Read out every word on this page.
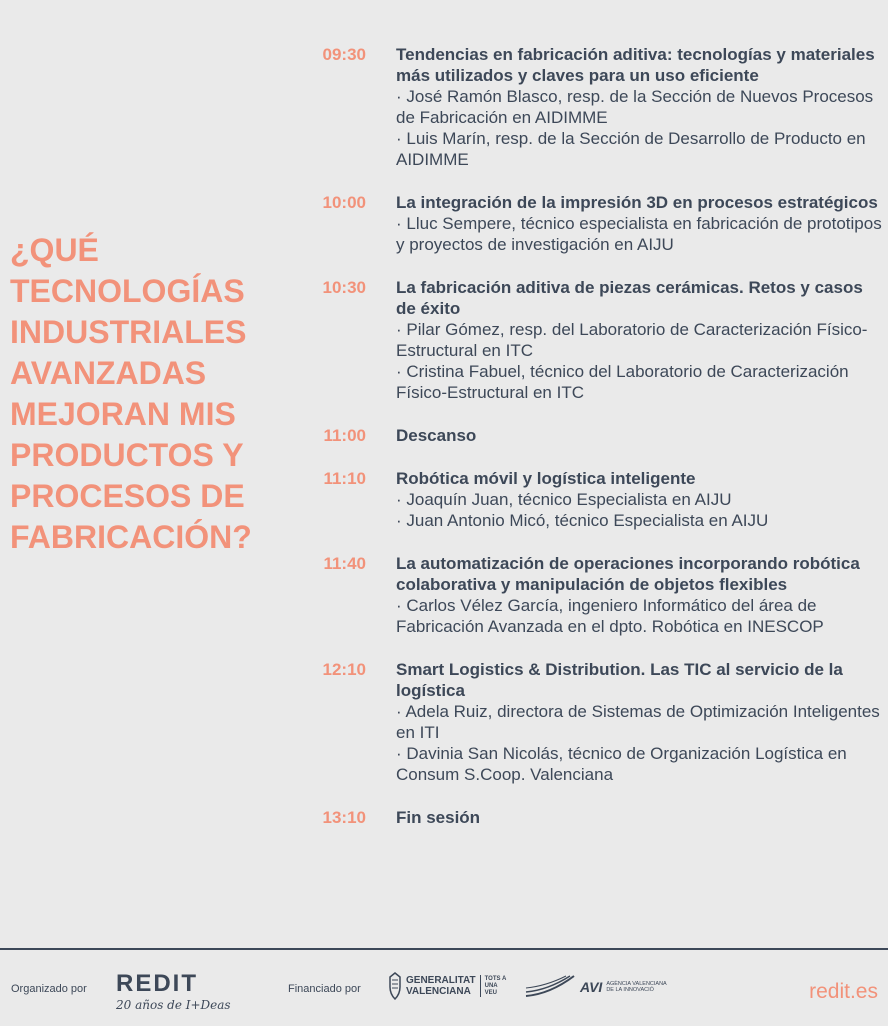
¿QUÉ TECNOLOGÍAS INDUSTRIALES AVANZADAS MEJORAN MIS PRODUCTOS Y PROCESOS DE FABRICACIÓN?
09:30 Tendencias en fabricación aditiva: tecnologías y materiales más utilizados y claves para un uso eficiente

· José Ramón Blasco, resp. de la Sección de Nuevos Procesos de Fabricación en AIDIMME

· Luis Marín, resp. de la Sección de Desarrollo de Producto en AIDIMME

10:00 La integración de la impresión 3D en procesos estratégicos

· Lluc Sempere, técnico especialista en fabricación de prototipos y proyectos de investigación en AIJU

10:30 La fabricación aditiva de piezas cerámicas. Retos y casos de éxito

· Pilar Gómez, resp. del Laboratorio de Caracterización Físico-Estructural en ITC

· Cristina Fabuel, técnico del Laboratorio de Caracterización Físico-Estructural en ITC

11:00 Descanso

11:10 Robótica móvil y logística inteligente

· Joaquín Juan, técnico Especialista en AIJU

· Juan Antonio Micó, técnico Especialista en AIJU

11:40 La automatización de operaciones incorporando robótica colaborativa y manipulación de objetos flexibles

· Carlos Vélez García, ingeniero Informático del área de Fabricación Avanzada en el dpto. Robótica en INESCOP

12:10 Smart Logistics & Distribution. Las TIC al servicio de la logística

· Adela Ruiz, directora de Sistemas de Optimización Inteligentes en ITI

· Davinia San Nicolás, técnico de Organización Logística en Consum S.Coop. Valenciana

13:10 Fin sesión

Organizado por REDIT
20 años de I+Deas
Financiado por
GENERALITAT
VALENCIANA
TOTS A UNA VEU	AVI AGÈNCIA VALENCIANA DE LA INNOVACIÓ	redit.es
